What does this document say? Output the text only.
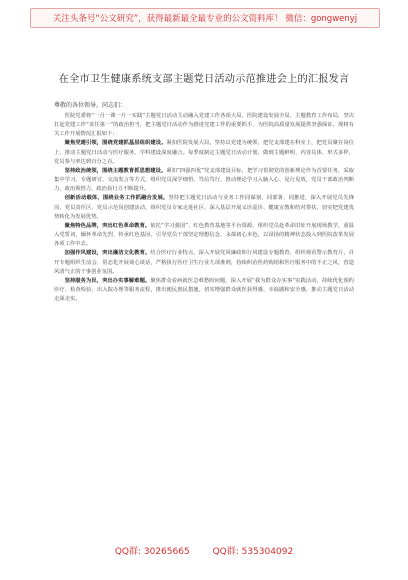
关注头条号“公文研究”，获得最新最全最专业的公文资料库！ 微信：gongwenyj
在全市卫生健康系统支部主题党日活动示范推进会上的汇报发言
尊敬的各位领导，同志们：

医院党委将“一月一课一片一实践”主题党日活动主动融入党建工作各项大局，医院建设发展全局、主题教育工作布局，坚决扛起党建工作“责任第一”的政治担当，把主题党日活动作为推进党建工作的重要抓手，为医院高质量发展提供坚强保证。现将有关工作开展情况汇报如下：

聚焦党建引领，围绕党建抓基层组织建设。紧扣医院发展大局，坚持以党建为统领，把党支部建在科室上，把党员聚在岗位上，推动主题党日活动与医疗服务、学科建设深度融合。每季度制定主题党日活动计划，做到主题鲜明、内容具体、形式多样，党员参与率达到百分之百。

坚持政治统领，围绕主题教育抓思想建设。紧扣“四强四优”党支部建设目标，把学习贯彻党的创新理论作为首要任务，采取集中学习、专题研讨、交流发言等方式，组织党员深学细悟、笃信笃行，推动理论学习入脑入心、见行见效，党员干部政治判断力、政治领悟力、政治执行力不断提升。

创新活动载体，围绕业务工作抓融合发展。坚持把主题党日活动与业务工作同谋划、同部署、同推进，深入开展党员先锋岗、党员责任区、党员示范岗创建活动，组织党员专家走进社区、深入基层开展义诊巡诊、健康宣教和结对帮扶，切实把党建优势转化为发展优势。

聚焦特色品牌，突出红色革命教育。依托“学习强国”、红色教育基地等平台资源，组织党员赴革命旧址开展现场教学，重温入党誓词，缅怀革命先烈，传承红色基因，引导党员干部坚定理想信念、永葆初心本色，以昂扬的精神状态投入到医院改革发展各项工作中去。

加强作风建设，突出廉洁文化教育。结合医疗行业特点，深入开展党风廉政和行风建设专题教育，组织观看警示教育片，召开专题组织生活会，常态化开展谈心谈话，严格执行医疗卫生行业九项准则，持续纠治医药购销和医疗服务中的不正之风，营造风清气正的干事创业氛围。

坚持服务为民，突出办实事解难题。聚焦群众看病就医急难愁盼问题，深入开展“我为群众办实事”实践活动，持续优化预约诊疗、检查检验、出入院办理等服务流程，推出便民惠民措施，切实增强群众就医获得感、幸福感和安全感，推动主题党日活动走深走实。

QQ群: 30265665        QQ群: 535304092
